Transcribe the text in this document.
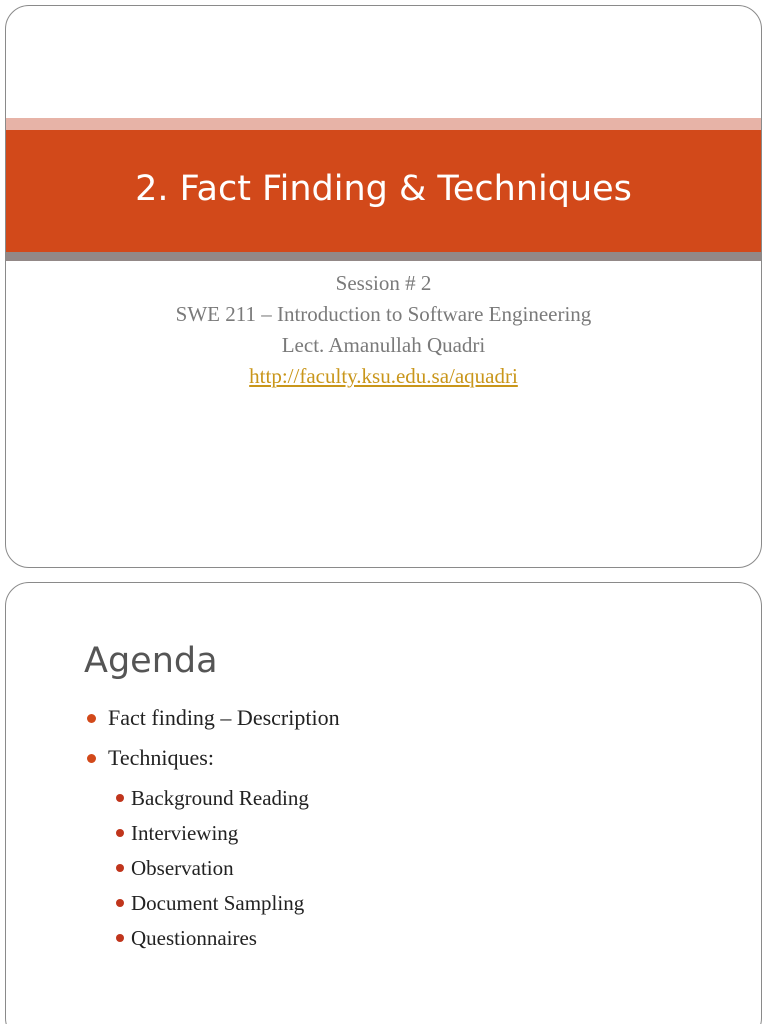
2. Fact Finding & Techniques
Session # 2
SWE 211 – Introduction to Software Engineering
Lect. Amanullah Quadri
http://faculty.ksu.edu.sa/aquadri
Agenda
Fact finding – Description
Techniques:
Background Reading
Interviewing
Observation
Document Sampling
Questionnaires
